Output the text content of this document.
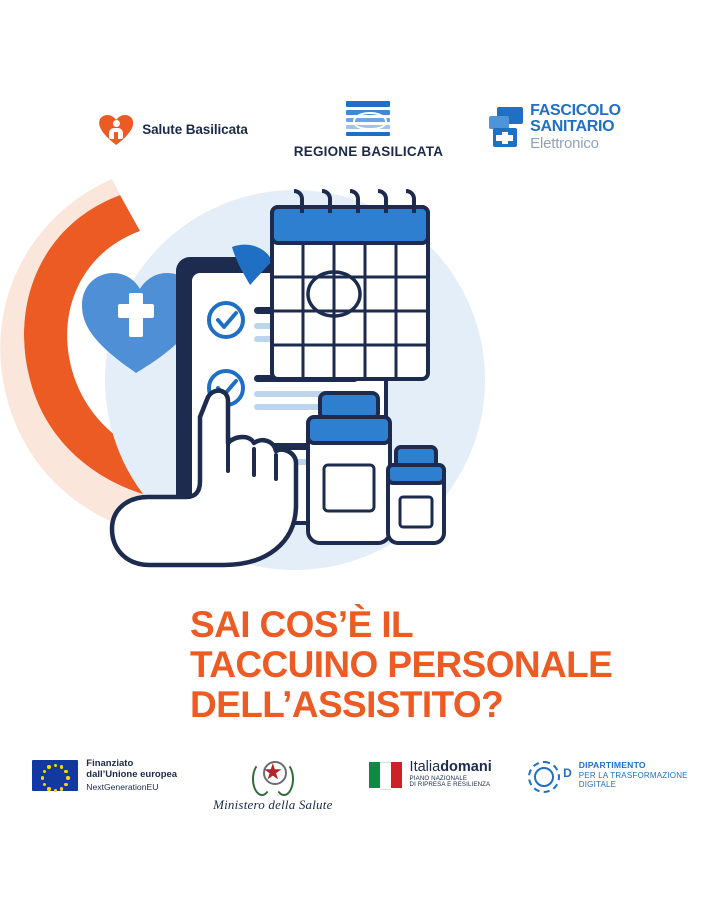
Salute Basilicata
REGIONE BASILICATA
FASCICOLO
SANITARIO
Elettronico
SAI COS’È IL
TACCUINO PERSONALE
DELL’ASSISTITO?
Finanziato
dall’Unione europea
NextGenerationEU
Ministero della Salute
Italiadomani
PIANO NAZIONALE
DI RIPRESA E RESILIENZA
D
DIPARTIMENTO
PER LA TRASFORMAZIONE
DIGITALE
